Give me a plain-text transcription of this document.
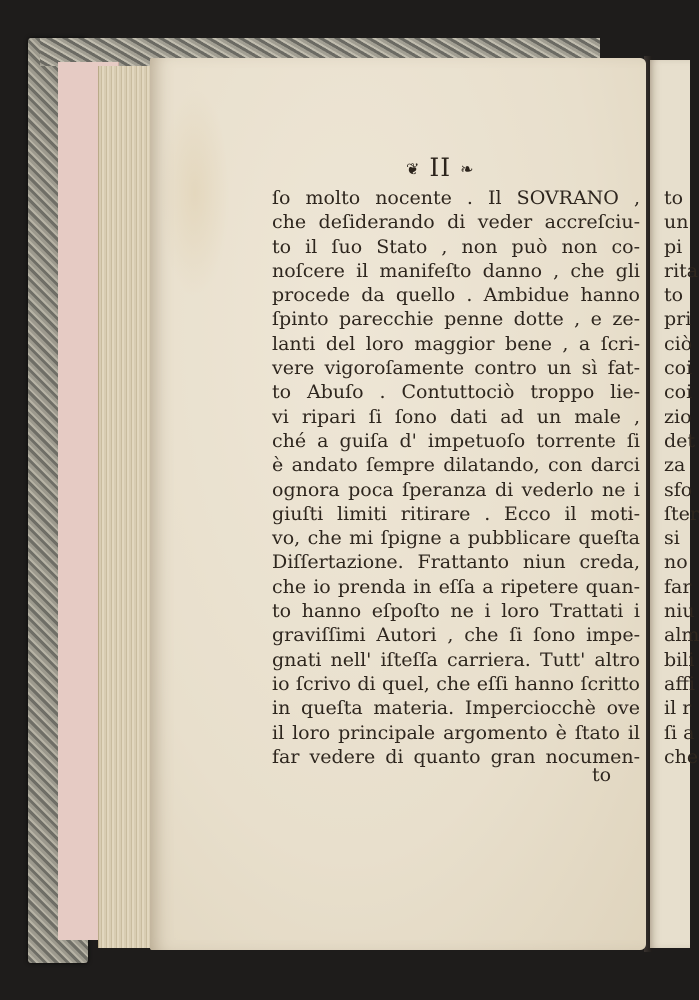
❦ II ❧
ſo molto nocente . Il SOVRANO ,
che deſiderando di veder accreſciu-
to il ſuo Stato , non può non co-
noſcere il manifeſto danno , che gli
procede da quello . Ambidue hanno
ſpinto parecchie penne dotte , e ze-
lanti del loro maggior bene , a ſcri-
vere vigoroſamente contro un sì fat-
to Abuſo . Contuttociò troppo lie-
vi ripari ſi ſono dati ad un male ,
ché a guiſa d' impetuoſo torrente ſi
è andato ſempre dilatando, con darci
ognora poca ſperanza di vederlo ne i
giuſti limiti ritirare . Ecco il moti-
vo, che mi ſpigne a pubblicare queſta
Diſſertazione. Frattanto niun creda,
che io prenda in eſſa a ripetere quan-
to hanno eſpoſto ne i loro Trattati i
graviſſimi Autori , che ſi ſono impe-
gnati nell' iſteſſa carriera. Tutt' altro
io ſcrivo di quel, che eſſi hanno ſcritto
in queſta materia. Imperciocchè ove
il loro principale argomento è ſtato il
far vedere di quanto gran nocumen-
to
to
un
pi
rita
to
pri
ciò
coi
coi
zio
det
za
sfo
ſter
si
no
far
niu
alm
bili
affi
il r
ſi a
che
